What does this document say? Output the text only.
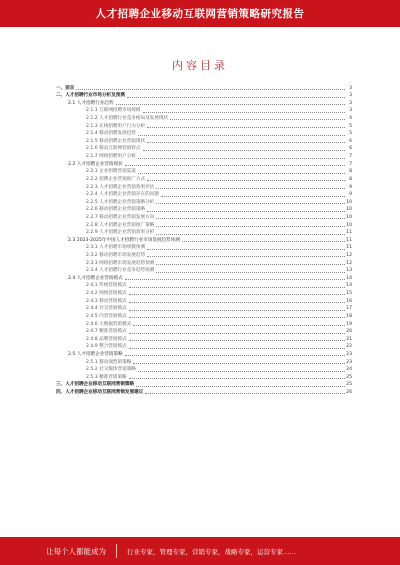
人才招聘企业移动互联网营销策略研究报告
内容目录
一、前言	3
二、人才招聘行业市场分析及预测	3
2.1 人才招聘行业趋势	3
2.1.1 互联网招聘市场规模	3
2.1.2 人才招聘行业竞争格局及发展现状	4
2.1.3 在线招聘用户行为分析	5
2.1.4 移动招聘发展趋势	5
2.1.5 移动招聘企业营销现状	6
2.1.6 移动互联网营销特点	6
2.1.7 网络招聘用户分析	7
2.2 人才招聘企业营销现状	7
2.2.1 企业招聘营销渠道	8
2.2.2 招聘企业营销推广方式	8
2.2.3 人才招聘企业营销效果评估	9
2.2.4 人才招聘企业营销存在的问题	9
2.2.5 人才招聘企业营销策略分析	10
2.2.6 移动招聘企业营销策略	10
2.2.7 移动招聘企业营销发展方向	10
2.2.8 人才招聘企业营销推广策略	10
2.2.9 人才招聘企业营销效果分析	11
2.3 2023-2025年中国人才招聘行业市场发展趋势预测	11
2.3.1 人才招聘市场规模预测	11
2.3.2 移动招聘市场发展趋势	12
2.3.3 网络招聘市场发展趋势预测	12
2.3.4 人才招聘行业竞争趋势预测	13
2.4 人才招聘企业营销模式	14
2.4.1 传统营销模式	14
2.4.2 网络营销模式	15
2.4.3 移动营销模式	16
2.4.4 社交营销模式	17
2.4.5 内容营销模式	18
2.4.6 大数据营销模式	19
2.4.7 精准营销模式	20
2.4.8 品牌营销模式	21
2.4.9 整合营销模式	22
2.5 人才招聘企业营销策略	23
2.5.1 移动端营销策略	23
2.5.2 社交媒体营销策略	24
2.5.3 精准营销策略	25
三、人才招聘企业移动互联网营销策略	25
四、人才招聘企业移动互联网营销发展建议	26
让每个人都能成为	行业专家，管理专家，营销专家，战略专家，运营专家……
